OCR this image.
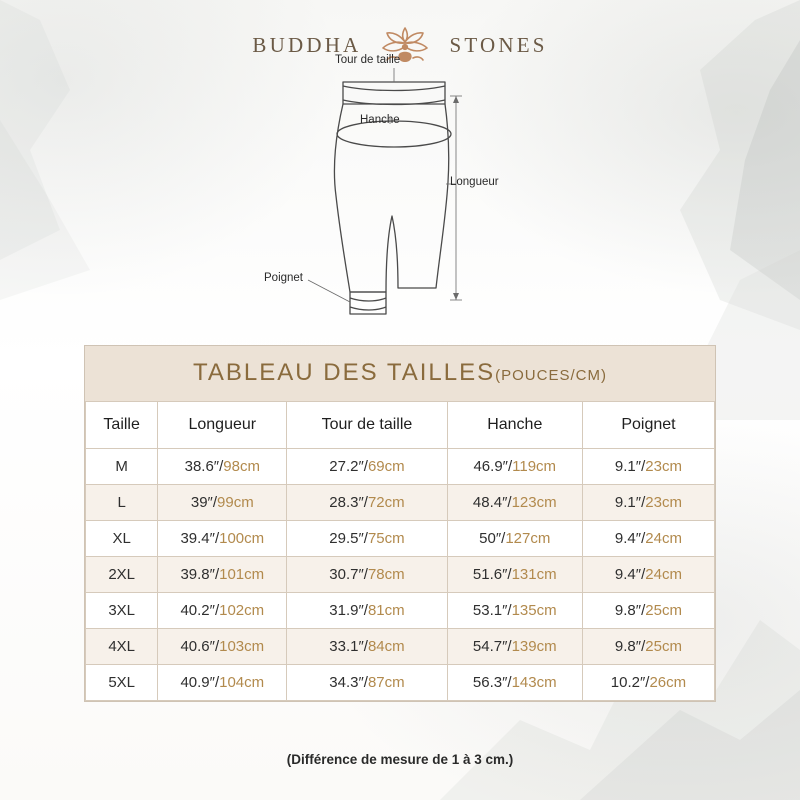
BUDDHA	STONES
Tour de taille
Hanche
Longueur
Poignet
TABLEAU DES TAILLES(POUCES/CM)
Taille	Longueur	Tour de taille	Hanche	Poignet
M	38.6″/98cm	27.2″/69cm	46.9″/119cm	9.1″/23cm
L	39″/99cm	28.3″/72cm	48.4″/123cm	9.1″/23cm
XL	39.4″/100cm	29.5″/75cm	50″/127cm	9.4″/24cm
2XL	39.8″/101cm	30.7″/78cm	51.6″/131cm	9.4″/24cm
3XL	40.2″/102cm	31.9″/81cm	53.1″/135cm	9.8″/25cm
4XL	40.6″/103cm	33.1″/84cm	54.7″/139cm	9.8″/25cm
5XL	40.9″/104cm	34.3″/87cm	56.3″/143cm	10.2″/26cm
(Différence de mesure de 1 à 3 cm.)
